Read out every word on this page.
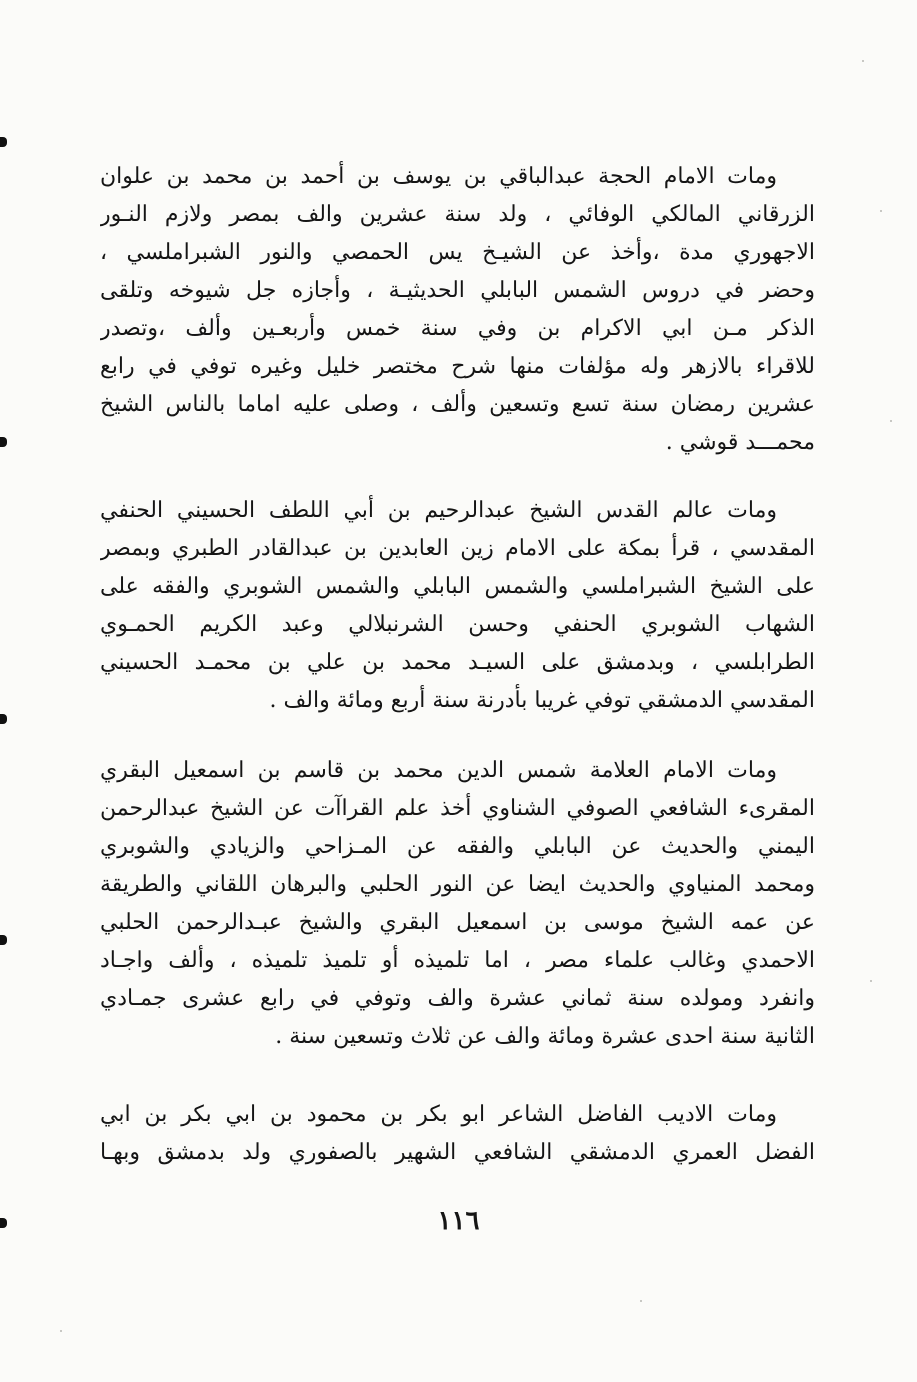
ومات الامام الحجة عبدالباقي بن يوسف بن أحمد بن محمد بن علوان
الزرقاني المالكي الوفائي ، ولد سنة عشرين والف بمصر ولازم النـور
الاجهوري مدة ،وأخذ عن الشيـخ يس الحمصي والنور الشبراملسي ،
وحضر في دروس الشمس البابلي الحديثيـة ، وأجازه جل شيوخه وتلقى
الذكر مـن ابي الاكرام بن وفي سنة خمس وأربعـين وألف ،وتصدر
للاقراء بالازهر وله مؤلفات منها شرح مختصر خليل وغيره توفي في رابع
عشرين رمضان سنة تسع وتسعين وألف ، وصلى عليه اماما بالناس الشيخ
محمـــد قوشي .
ومات عالم القدس الشيخ عبدالرحيم بن أبي اللطف الحسيني الحنفي
المقدسي ، قرأ بمكة على الامام زين العابدين بن عبدالقادر الطبري وبمصر
على الشيخ الشبراملسي والشمس البابلي والشمس الشوبري والفقه على
الشهاب الشوبري الحنفي وحسن الشرنبلالي وعبد الكريم الحمـوي
الطرابلسي ، وبدمشق على السيـد محمد بن علي بن محمـد الحسيني
المقدسي الدمشقي توفي غريبا بأدرنة سنة أربع ومائة والف .
ومات الامام العلامة شمس الدين محمد بن قاسم بن اسمعيل البقري
المقرىء الشافعي الصوفي الشناوي أخذ علم القراآت عن الشيخ عبدالرحمن
اليمني والحديث عن البابلي والفقه عن المـزاحي والزيادي والشوبري
ومحمد المنياوي والحديث ايضا عن النور الحلبي والبرهان اللقاني والطريقة
عن عمه الشيخ موسى بن اسمعيل البقري والشيخ عبـدالرحمن الحلبي
الاحمدي وغالب علماء مصر ، اما تلميذه أو تلميذ تلميذه ، وألف واجـاد
وانفرد ومولده سنة ثماني عشرة والف وتوفي في رابع عشرى جمـادي
الثانية سنة احدى عشرة ومائة والف عن ثلاث وتسعين سنة .
ومات الاديب الفاضل الشاعر ابو بكر بن محمود بن ابي بكر بن ابي
الفضل العمري الدمشقي الشافعي الشهير بالصفوري ولد بدمشق وبهـا
١١٦
